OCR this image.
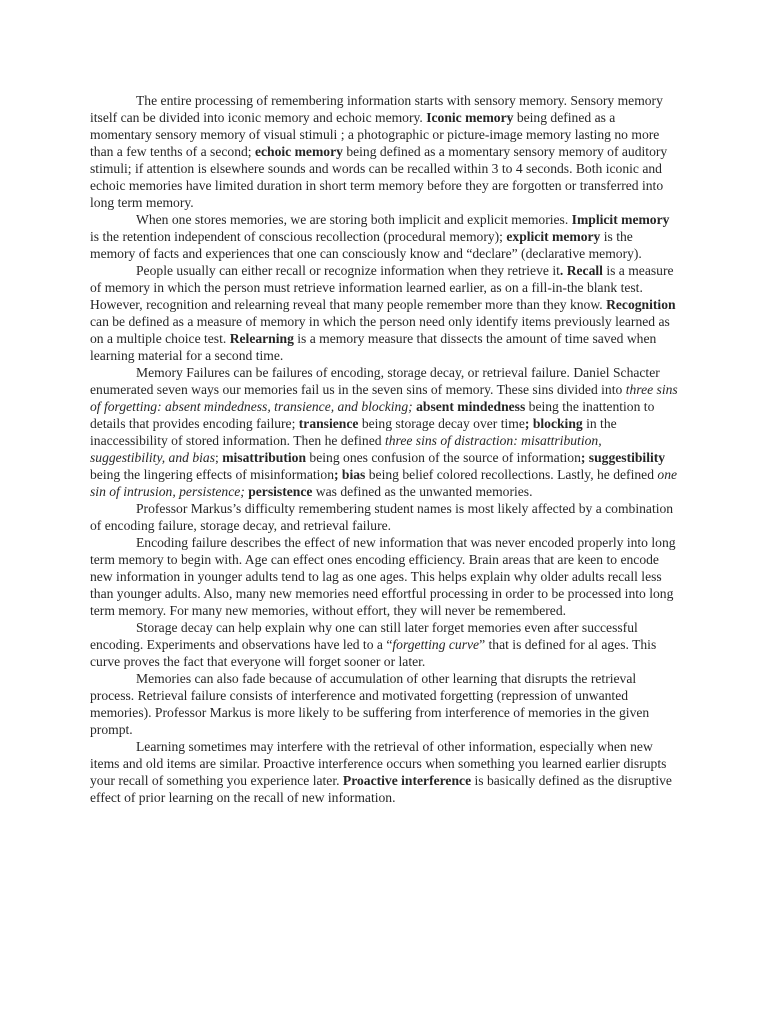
The entire processing of remembering information starts with sensory memory. Sensory memory itself can be divided into iconic memory and echoic memory. Iconic memory being defined as a momentary sensory memory of visual stimuli ; a photographic or picture-image memory lasting no more than a few tenths of a second; echoic memory being defined as a momentary sensory memory of auditory stimuli; if attention is elsewhere sounds and words can be recalled within 3 to 4 seconds. Both iconic and echoic memories have limited duration in short term memory before they are forgotten or transferred into long term memory.

When one stores memories, we are storing both implicit and explicit memories. Implicit memory is the retention independent of conscious recollection (procedural memory); explicit memory is the memory of facts and experiences that one can consciously know and “declare” (declarative memory).

People usually can either recall or recognize information when they retrieve it. Recall is a measure of memory in which the person must retrieve information learned earlier, as on a fill-in-the blank test. However, recognition and relearning reveal that many people remember more than they know. Recognition can be defined as a measure of memory in which the person need only identify items previously learned as on a multiple choice test. Relearning is a memory measure that dissects the amount of time saved when learning material for a second time.

Memory Failures can be failures of encoding, storage decay, or retrieval failure. Daniel Schacter enumerated seven ways our memories fail us in the seven sins of memory. These sins divided into three sins of forgetting: absent mindedness, transience, and blocking; absent mindedness being the inattention to details that provides encoding failure; transience being storage decay over time; blocking in the inaccessibility of stored information. Then he defined three sins of distraction: misattribution, suggestibility, and bias; misattribution being ones confusion of the source of information; suggestibility being the lingering effects of misinformation; bias being belief colored recollections. Lastly, he defined one sin of intrusion, persistence; persistence was defined as the unwanted memories.

Professor Markus’s difficulty remembering student names is most likely affected by a combination of encoding failure, storage decay, and retrieval failure.

Encoding failure describes the effect of new information that was never encoded properly into long term memory to begin with. Age can effect ones encoding efficiency. Brain areas that are keen to encode new information in younger adults tend to lag as one ages. This helps explain why older adults recall less than younger adults. Also, many new memories need effortful processing in order to be processed into long term memory. For many new memories, without effort, they will never be remembered.

Storage decay can help explain why one can still later forget memories even after successful encoding. Experiments and observations have led to a “forgetting curve” that is defined for al ages. This curve proves the fact that everyone will forget sooner or later.

Memories can also fade because of accumulation of other learning that disrupts the retrieval process. Retrieval failure consists of interference and motivated forgetting (repression of unwanted memories). Professor Markus is more likely to be suffering from interference of memories in the given prompt.

Learning sometimes may interfere with the retrieval of other information, especially when new items and old items are similar. Proactive interference occurs when something you learned earlier disrupts your recall of something you experience later. Proactive interference is basically defined as the disruptive effect of prior learning on the recall of new information.
